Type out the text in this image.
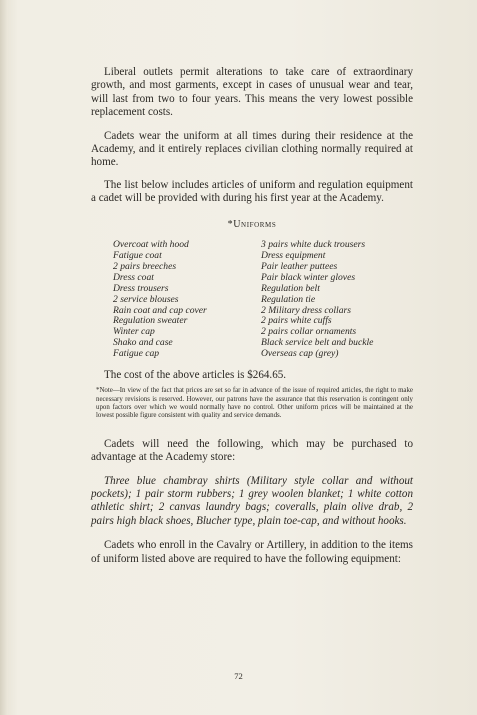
Liberal outlets permit alterations to take care of extraordinary growth, and most garments, except in cases of unusual wear and tear, will last from two to four years. This means the very lowest possible replacement costs.

Cadets wear the uniform at all times during their residence at the Academy, and it entirely replaces civilian clothing normally required at home.

The list below includes articles of uniform and regulation equipment a cadet will be provided with during his first year at the Academy.

*Uniforms
Overcoat with hood
Fatigue coat
2 pairs breeches
Dress coat
Dress trousers
2 service blouses
Rain coat and cap cover
Regulation sweater
Winter cap
Shako and case
Fatigue cap
3 pairs white duck trousers
Dress equipment
Pair leather puttees
Pair black winter gloves
Regulation belt
Regulation tie
2 Military dress collars
2 pairs white cuffs
2 pairs collar ornaments
Black service belt and buckle
Overseas cap (grey)

The cost of the above articles is $264.65.

*Note—In view of the fact that prices are set so far in advance of the issue of required articles, the right to make necessary revisions is reserved. However, our patrons have the assurance that this reservation is contingent only upon factors over which we would normally have no control. Other uniform prices will be maintained at the lowest possible figure consistent with quality and service demands.

Cadets will need the following, which may be purchased to advantage at the Academy store:

Three blue chambray shirts (Military style collar and without pockets); 1 pair storm rubbers; 1 grey woolen blanket; 1 white cotton athletic shirt; 2 canvas laundry bags; coveralls, plain olive drab, 2 pairs high black shoes, Blucher type, plain toe-cap, and without hooks.

Cadets who enroll in the Cavalry or Artillery, in addition to the items of uniform listed above are required to have the following equipment:

72
